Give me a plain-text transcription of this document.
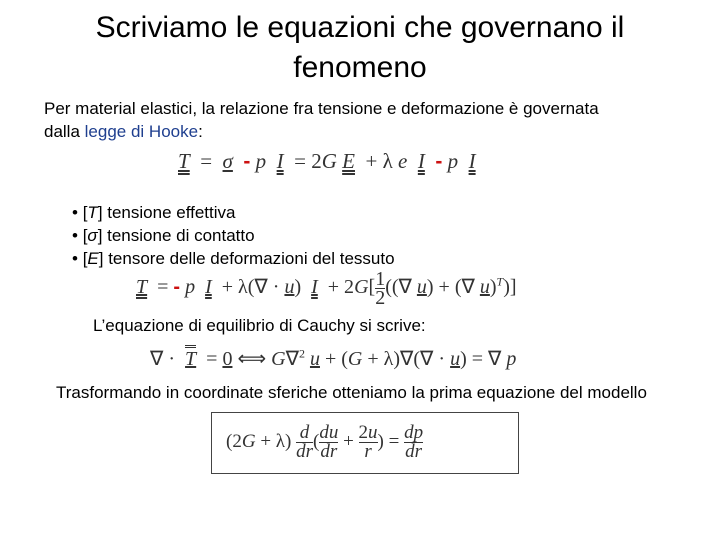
Scriviamo le equazioni che governano il fenomeno
Per material elastici, la relazione fra tensione e deformazione è governata
dalla legge di Hooke:
T  =  σ - p I  = 2G E  + λ e I - p I
• [T] tensione effettiva
• [σ] tensione di contatto
• [E] tensore delle deformazioni del tessuto
T  = - p I  + λ(∇ · u)  $I + 2G[ \frac{1}{2}$ ((∇ u) + (∇ u)$^T$)]
L’equazione di equilibrio di Cauchy si scrive:
∇ ·  T  = 0 ⟺ G∇$^2$ u + (G + λ)∇(∇ · u) = ∇ p
Trasformando in coordinate sferiche otteniamo la prima equazione del modello
$(2G + \lambda) \frac{d}{dr}$ ( $\frac{du}{dr} + \frac{2u}{r}$ ) = $\frac{dp}{dr}$
